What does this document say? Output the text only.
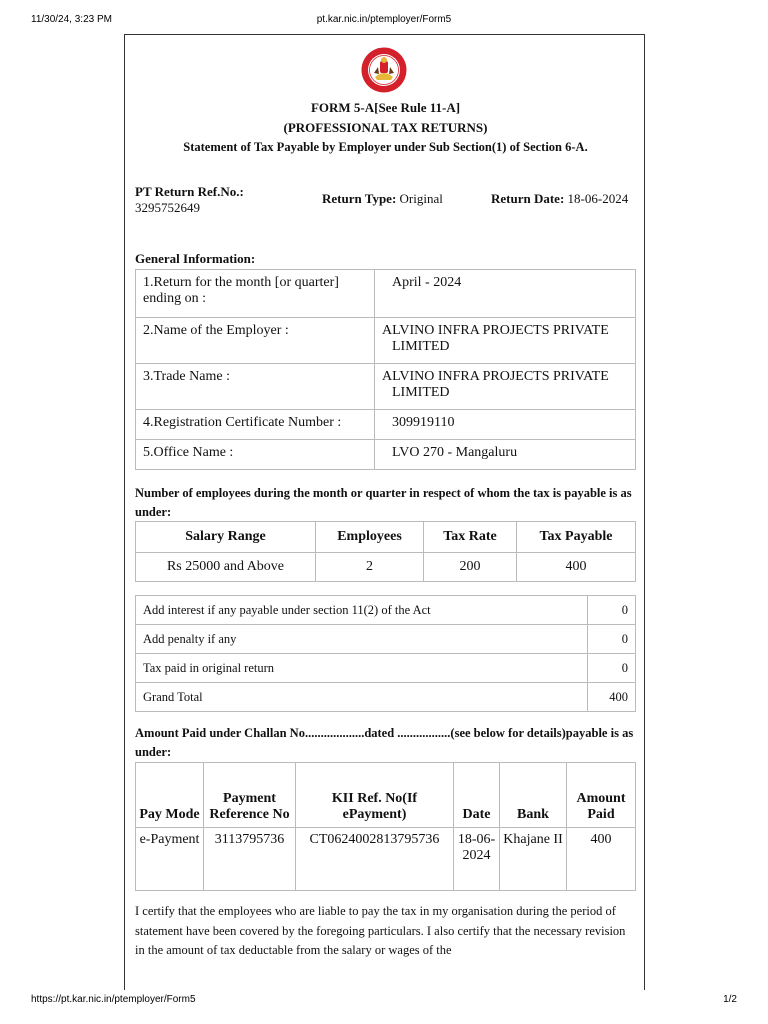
11/30/24, 3:23 PM	pt.kar.nic.in/ptemployer/Form5
FORM 5-A[See Rule 11-A]
(PROFESSIONAL TAX RETURNS)
Statement of Tax Payable by Employer under Sub Section(1) of Section 6-A.
PT Return Ref.No.:
3295752649
Return Type: Original	Return Date: 18-06-2024
General Information:
1.Return for the month [or quarter] ending on :	April - 2024
2.Name of the Employer :	ALVINO INFRA PROJECTS PRIVATE LIMITED

3.Trade Name :	ALVINO INFRA PROJECTS PRIVATE LIMITED

4.Registration Certificate Number :	309919110
5.Office Name :	LVO 270 - Mangaluru
Number of employees during the month or quarter in respect of whom the tax is payable is as under:
Salary Range	Employees	Tax Rate	Tax Payable
Rs 25000 and Above	2	200	400
Add interest if any payable under section 11(2) of the Act	0
Add penalty if any	0
Tax paid in original return	0
Grand Total	400
Amount Paid under Challan No...................dated .................(see below for details)payable is as under:
Pay Mode	Payment Reference No	KII Ref. No(If ePayment)	Date	Bank	Amount Paid
e-Payment	3113795736	CT0624002813795736	18-06-2024	Khajane II	400
I certify that the employees who are liable to pay the tax in my organisation during the period of statement have been covered by the foregoing particulars. I also certify that the necessary revision in the amount of tax deductable from the salary or wages of the
https://pt.kar.nic.in/ptemployer/Form5	1/2
